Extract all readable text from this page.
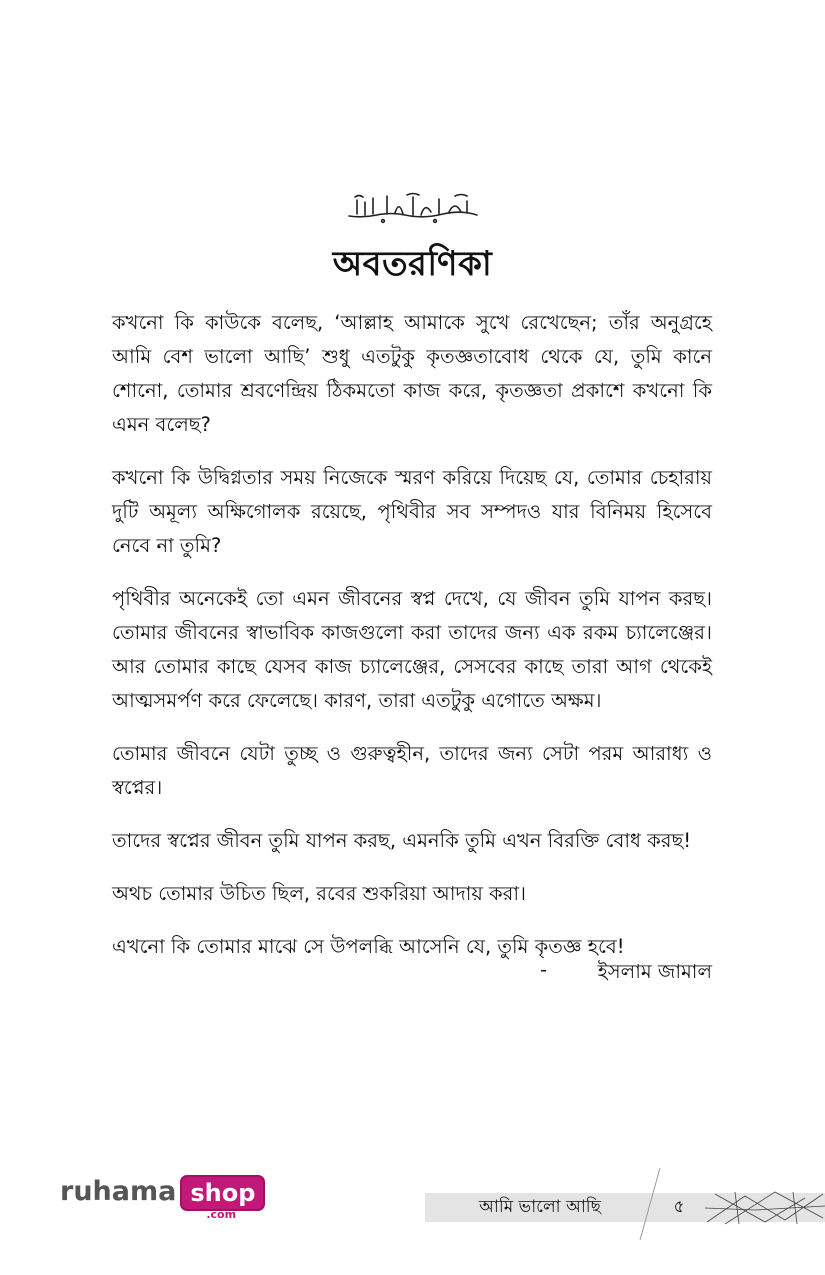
অবতরণিকা

কখনো কি কাউকে বলেছ, ‘আল্লাহ আমাকে সুখে রেখেছেন; তাঁর অনুগ্রহে আমি বেশ ভালো আছি’ শুধু এতটুকু কৃতজ্ঞতাবোধ থেকে যে, তুমি কানে শোনো, তোমার শ্রবণেন্দ্রিয় ঠিকমতো কাজ করে, কৃতজ্ঞতা প্রকাশে কখনো কি এমন বলেছ?

কখনো কি উদ্বিগ্নতার সময় নিজেকে স্মরণ করিয়ে দিয়েছ যে, তোমার চেহারায় দুটি অমূল্য অক্ষিগোলক রয়েছে, পৃথিবীর সব সম্পদও যার বিনিময় হিসেবে নেবে না তুমি?

পৃথিবীর অনেকেই তো এমন জীবনের স্বপ্ন দেখে, যে জীবন তুমি যাপন করছ। তোমার জীবনের স্বাভাবিক কাজগুলো করা তাদের জন্য এক রকম চ্যালেঞ্জের। আর তোমার কাছে যেসব কাজ চ্যালেঞ্জের, সেসবের কাছে তারা আগ থেকেই আত্মসমর্পণ করে ফেলেছে। কারণ, তারা এতটুকু এগোতে অক্ষম।

তোমার জীবনে যেটা তুচ্ছ ও গুরুত্বহীন, তাদের জন্য সেটা পরম আরাধ্য ও স্বপ্নের।

তাদের স্বপ্নের জীবন তুমি যাপন করছ, এমনকি তুমি এখন বিরক্তি বোধ করছ!

অথচ তোমার উচিত ছিল, রবের শুকরিয়া আদায় করা।

এখনো কি তোমার মাঝে সে উপলব্ধি আসেনি যে, তুমি কৃতজ্ঞ হবে!

-	ইসলাম জামাল
ruhama shop
.com	আমি ভালো আছি	৫
